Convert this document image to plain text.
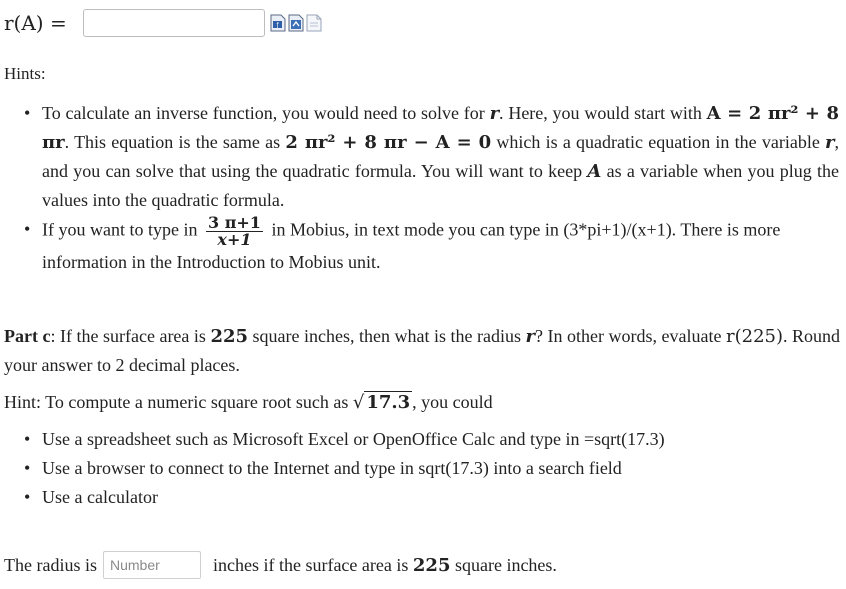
r(A) =	ƒ
Hints:
• To calculate an inverse function, you would need to solve for r. Here, you would start with A = 2 πr² + 8 πr. This equation is the same as 2 πr² + 8 πr − A = 0 which is a quadratic equation in the variable r, and you can solve that using the quadratic formula. You will want to keep A as a variable when you plug the values into the quadratic formula.
• If you want to type in $\frac{3 \pi+1}{x+1}$ in Mobius, in text mode you can type in (3*pi+1)/(x+1). There is more information in the Introduction to Mobius unit.
Part c: If the surface area is 225 square inches, then what is the radius r? In other words, evaluate r(225). Round your answer to 2 decimal places.
Hint: To compute a numeric square root such as √ 17.3 , you could
• Use a spreadsheet such as Microsoft Excel or OpenOffice Calc and type in =sqrt(17.3)
• Use a browser to connect to the Internet and type in sqrt(17.3) into a search field
• Use a calculator
The radius is
Number	inches if the surface area is
225
square inches.
